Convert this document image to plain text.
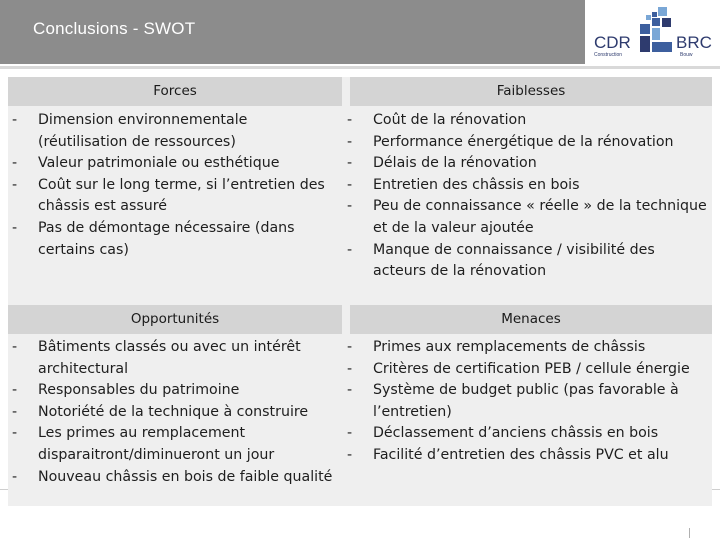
Conclusions - SWOT
CDR
Construction
BRC
Bouw
Forces	Faiblesses
- Dimension environnementale (réutilisation de ressources)
- Valeur patrimoniale ou esthétique
- Coût sur le long terme, si l’entretien des châssis est assuré
- Pas de démontage nécessaire (dans certains cas)
- Coût de la rénovation
- Performance énergétique de la rénovation
- Délais de la rénovation
- Entretien des châssis en bois
- Peu de connaissance « réelle » de la technique et de la valeur ajoutée
- Manque de connaissance / visibilité des acteurs de la rénovation
Opportunités	Menaces
- Bâtiments classés ou avec un intérêt architectural
- Responsables du patrimoine
- Notoriété de la technique à construire
- Les primes au remplacement disparaitront/diminueront un jour
- Nouveau châssis en bois de faible qualité
- Primes aux remplacements de châssis
- Critères de certification PEB / cellule énergie
- Système de budget public (pas favorable à l’entretien)
- Déclassement d’anciens châssis en bois
- Facilité d’entretien des châssis PVC et alu
